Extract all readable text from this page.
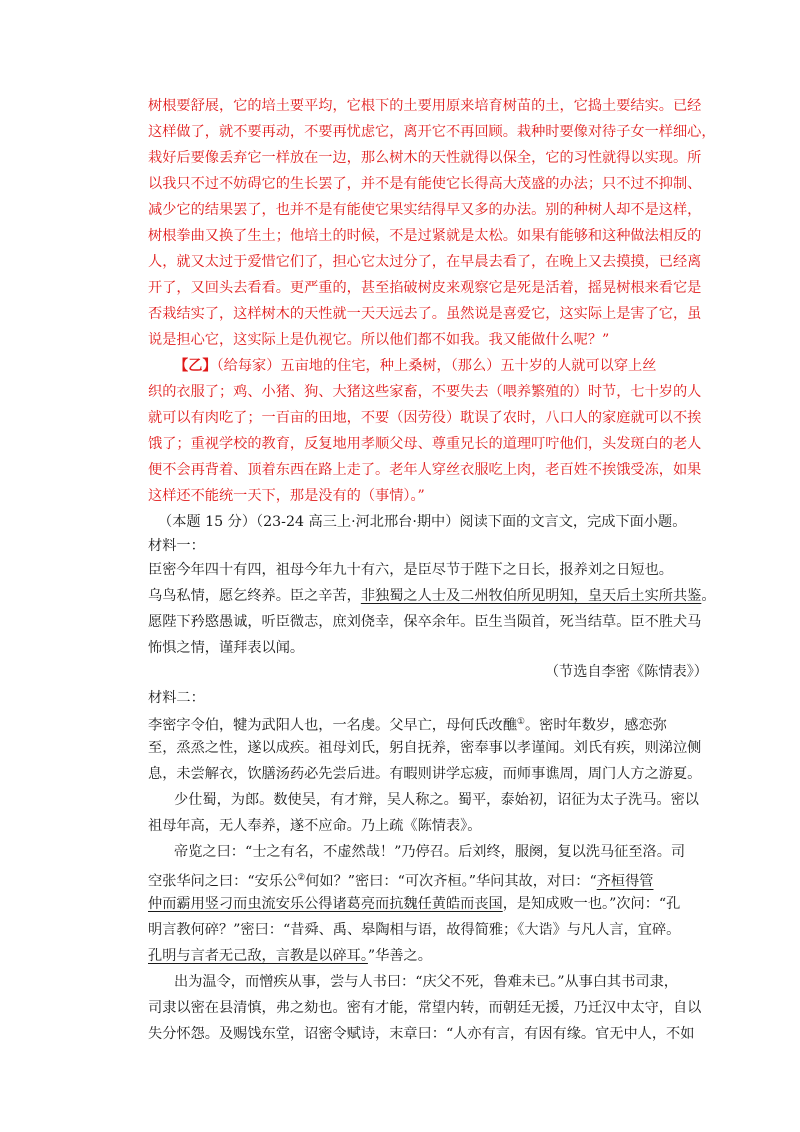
树根要舒展，它的培土要平均，它根下的土要用原来培育树苗的土，它捣土要结实。已经
这样做了，就不要再动，不要再忧虑它，离开它不再回顾。栽种时要像对待子女一样细心，
栽好后要像丢弃它一样放在一边，那么树木的天性就得以保全，它的习性就得以实现。所
以我只不过不妨碍它的生长罢了，并不是有能使它长得高大茂盛的办法；只不过不抑制、
减少它的结果罢了，也并不是有能使它果实结得早又多的办法。别的种树人却不是这样，
树根拳曲又换了生土；他培土的时候，不是过紧就是太松。如果有能够和这种做法相反的
人，就又太过于爱惜它们了，担心它太过分了，在早晨去看了，在晚上又去摸摸，已经离
开了，又回头去看看。更严重的，甚至掐破树皮来观察它是死是活着，摇晃树根来看它是
否栽结实了，这样树木的天性就一天天远去了。虽然说是喜爱它，这实际上是害了它，虽
说是担心它，这实际上是仇视它。所以他们都不如我。我又能做什么呢？”
【乙】（给每家）五亩地的住宅，种上桑树，（那么）五十岁的人就可以穿上丝
织的衣服了；鸡、小猪、狗、大猪这些家畜，不要失去（喂养繁殖的）时节，七十岁的人
就可以有肉吃了；一百亩的田地，不要（因劳役）耽误了农时，八口人的家庭就可以不挨
饿了；重视学校的教育，反复地用孝顺父母、尊重兄长的道理叮咛他们，头发斑白的老人
便不会再背着、顶着东西在路上走了。老年人穿丝衣服吃上肉，老百姓不挨饿受冻，如果
这样还不能统一天下，那是没有的（事情）。”
（本题 15 分）（23-24 高三上·河北邢台·期中）阅读下面的文言文，完成下面小题。
材料一：
臣密今年四十有四，祖母今年九十有六，是臣尽节于陛下之日长，报养刘之日短也。
乌鸟私情，愿乞终养。臣之辛苦，非独蜀之人士及二州牧伯所见明知，皇天后土实所共鉴。
愿陛下矜愍愚诚，听臣微志，庶刘侥幸，保卒余年。臣生当陨首，死当结草。臣不胜犬马
怖惧之情，谨拜表以闻。
（节选自李密《陈情表》）
材料二：
李密字令伯，犍为武阳人也，一名虔。父早亡，母何氏改醮①。密时年数岁，感恋弥
至，烝烝之性，遂以成疾。祖母刘氏，躬自抚养，密奉事以孝谨闻。刘氏有疾，则涕泣侧
息，未尝解衣，饮膳汤药必先尝后进。有暇则讲学忘疲，而师事谯周，周门人方之游夏。
少仕蜀，为郎。数使吴，有才辩，吴人称之。蜀平，泰始初，诏征为太子洗马。密以
祖母年高，无人奉养，遂不应命。乃上疏《陈情表》。
帝览之曰：“士之有名，不虚然哉！”乃停召。后刘终，服阕，复以洗马征至洛。司
空张华问之曰：“安乐公②何如？”密曰：“可次齐桓。”华问其故，对曰：“齐桓得管
仲而霸用竖刁而虫流安乐公得诸葛亮而抗魏任黄皓而丧国，是知成败一也。”次问：“孔
明言教何碎？”密曰：“昔舜、禹、皋陶相与语，故得简雅；《大诰》与凡人言，宜碎。
孔明与言者无己敌，言教是以碎耳。”华善之。
出为温令，而憎疾从事，尝与人书曰：“庆父不死，鲁难未已。”从事白其书司隶，
司隶以密在县清慎，弗之劾也。密有才能，常望内转，而朝廷无援，乃迁汉中太守，自以
失分怀怨。及赐饯东堂，诏密令赋诗，末章曰：“人亦有言，有因有缘。官无中人，不如
